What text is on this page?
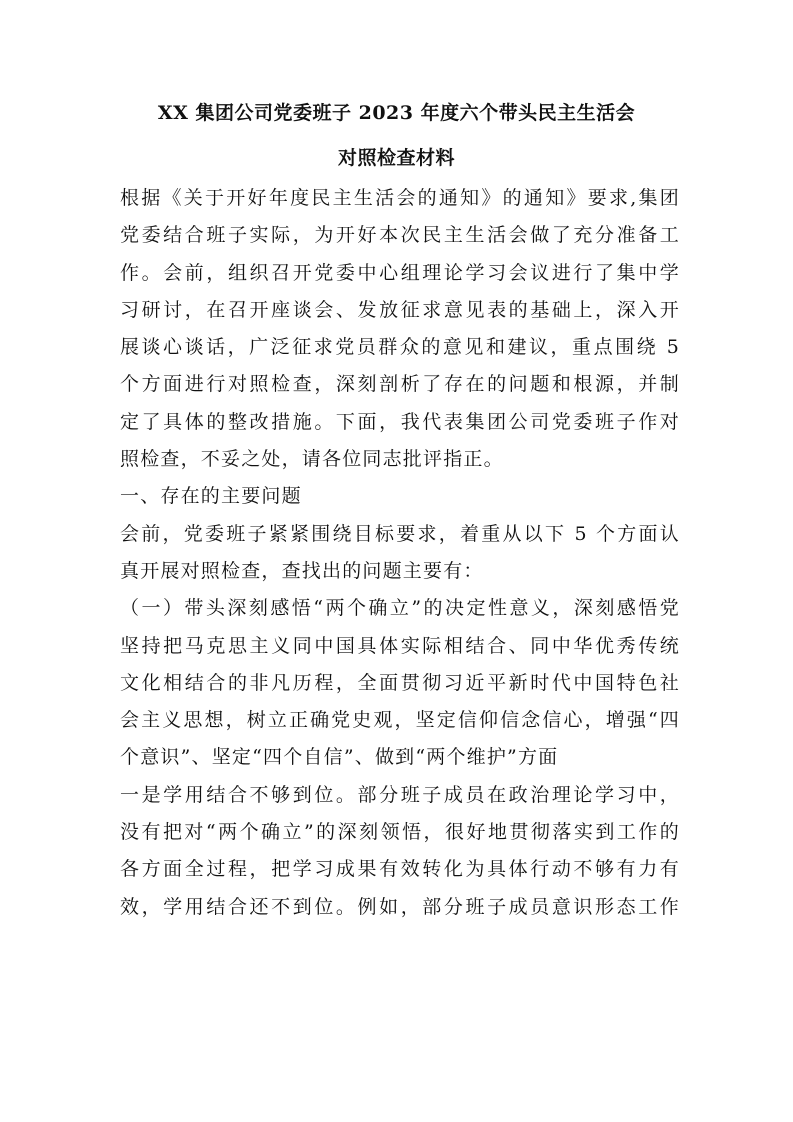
XX 集团公司党委班子 2023 年度六个带头民主生活会
对照检查材料
根据《关于开好年度民主生活会的通知》的通知》要求,集团
党委结合班子实际，为开好本次民主生活会做了充分准备工
作。会前，组织召开党委中心组理论学习会议进行了集中学
习研讨，在召开座谈会、发放征求意见表的基础上，深入开
展谈心谈话，广泛征求党员群众的意见和建议，重点围绕 5
个方面进行对照检查，深刻剖析了存在的问题和根源，并制
定了具体的整改措施。下面，我代表集团公司党委班子作对
照检查，不妥之处，请各位同志批评指正。
一、存在的主要问题
会前，党委班子紧紧围绕目标要求，着重从以下 5 个方面认
真开展对照检查，查找出的问题主要有：
（一）带头深刻感悟“两个确立”的决定性意义，深刻感悟党
坚持把马克思主义同中国具体实际相结合、同中华优秀传统
文化相结合的非凡历程，全面贯彻习近平新时代中国特色社
会主义思想，树立正确党史观，坚定信仰信念信心，增强“四
个意识”、坚定“四个自信”、做到“两个维护”方面
一是学用结合不够到位。部分班子成员在政治理论学习中，
没有把对“两个确立”的深刻领悟，很好地贯彻落实到工作的
各方面全过程，把学习成果有效转化为具体行动不够有力有
效，学用结合还不到位。例如，部分班子成员意识形态工作
